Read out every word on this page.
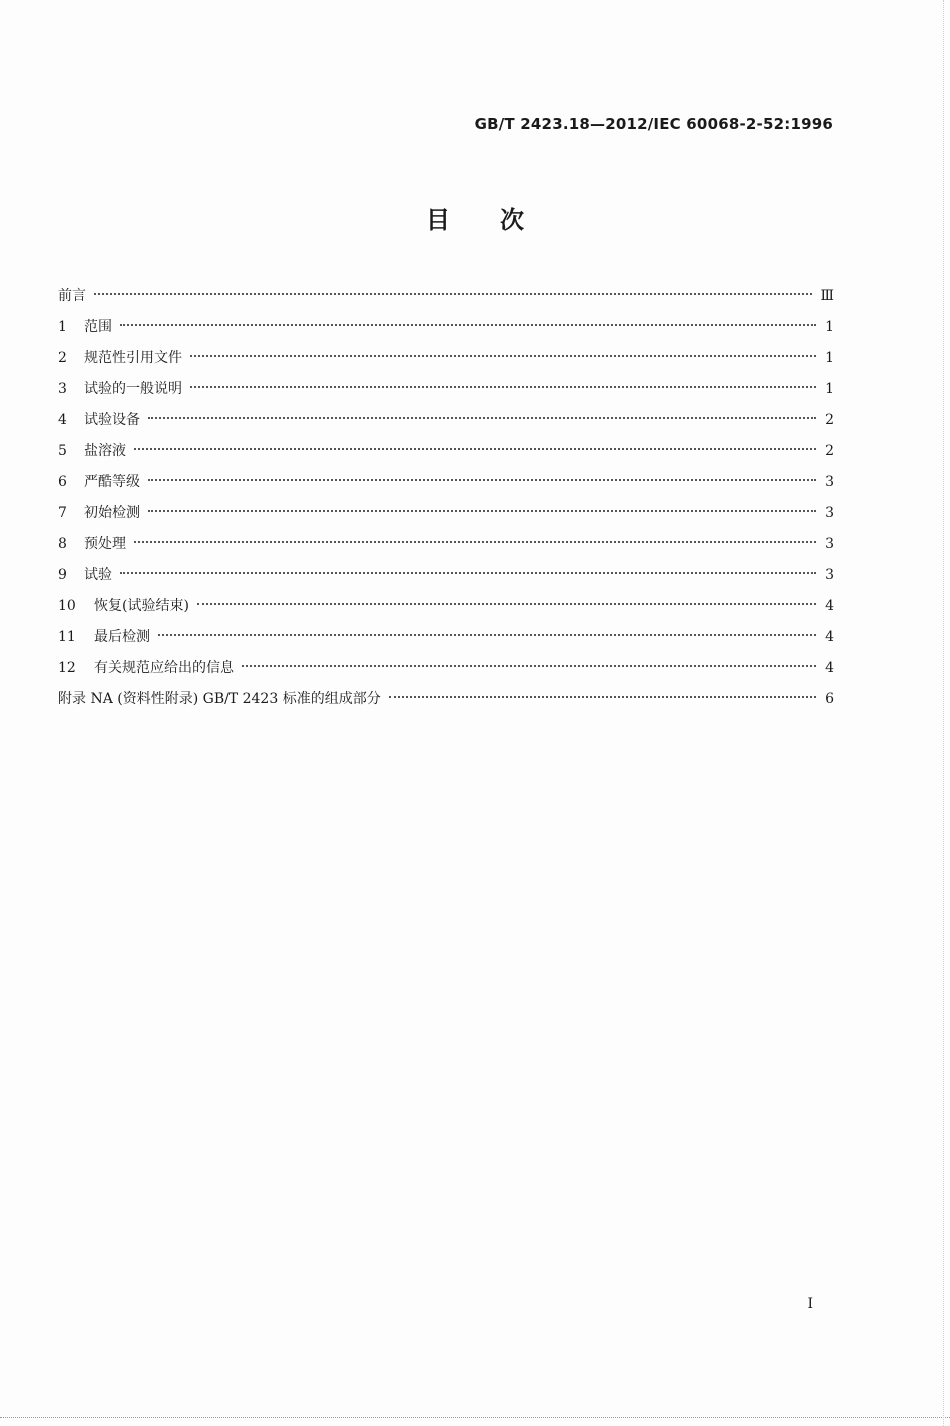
GB/T 2423.18—2012/IEC 60068-2-52:1996
目 次
前言	Ⅲ
1	范围	1
2	规范性引用文件	1
3	试验的一般说明	1
4	试验设备	2
5	盐溶液	2
6	严酷等级	3
7	初始检测	3
8	预处理	3
9	试验	3
10	恢复(试验结束)	4
11	最后检测	4
12	有关规范应给出的信息	4
附录 NA (资料性附录) GB/T 2423 标准的组成部分	6
I
